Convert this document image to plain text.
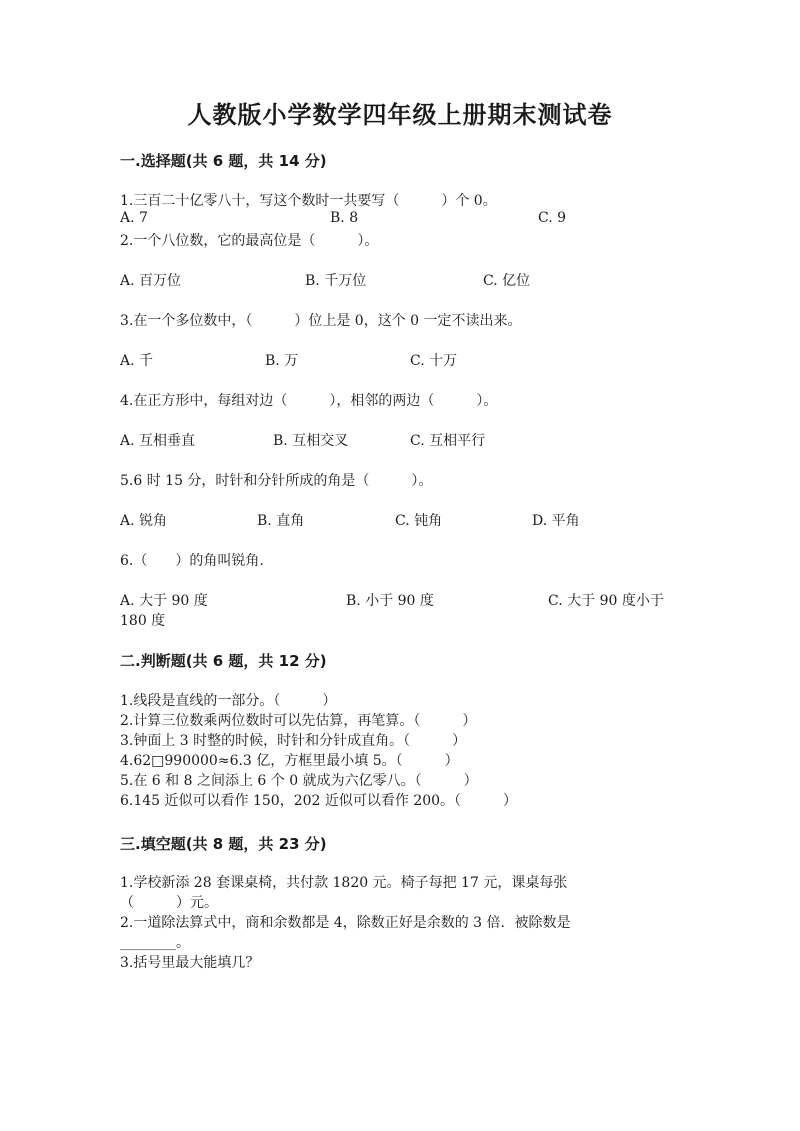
人教版小学数学四年级上册期末测试卷
一.选择题(共 6 题，共 14 分)
1.三百二十亿零八十，写这个数时一共要写（　　　）个 0。
A. 7	B. 8	C. 9
2.一个八位数，它的最高位是（　　　）。
A. 百万位	B. 千万位	C. 亿位
3.在一个多位数中，（　　　）位上是 0，这个 0 一定不读出来。
A. 千	B. 万	C. 十万
4.在正方形中，每组对边（　　　），相邻的两边（　　　）。
A. 互相垂直	B. 互相交叉	C. 互相平行
5.6 时 15 分，时针和分针所成的角是（　　　）。
A. 锐角	B. 直角	C. 钝角	D. 平角
6.（　　）的角叫锐角.
A. 大于 90 度	B. 小于 90 度	C. 大于 90 度小于
180 度
二.判断题(共 6 题，共 12 分)
1.线段是直线的一部分。（　　　）
2.计算三位数乘两位数时可以先估算，再笔算。（　　　）
3.钟面上 3 时整的时候，时针和分针成直角。（　　　）
4.62□990000≈6.3 亿，方框里最小填 5。（　　　）
5.在 6 和 8 之间添上 6 个 0 就成为六亿零八。（　　　）
6.145 近似可以看作 150，202 近似可以看作 200。（　　　）
三.填空题(共 8 题，共 23 分)
1.学校新添 28 套课桌椅，共付款 1820 元。椅子每把 17 元，课桌每张
（　　　）元。
2.一道除法算式中，商和余数都是 4，除数正好是余数的 3 倍．被除数是
________。
3.括号里最大能填几？
